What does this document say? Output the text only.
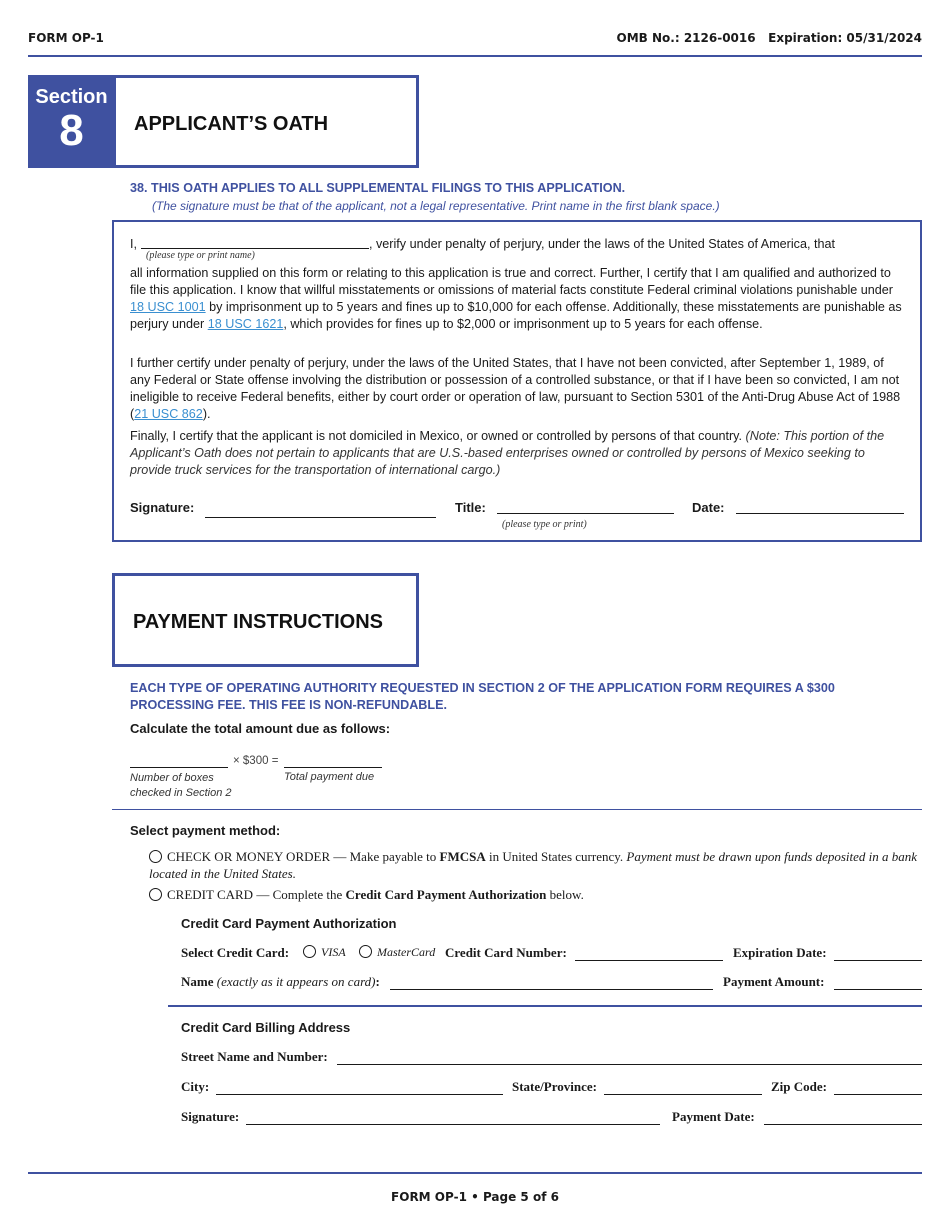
FORM OP-1	OMB No.: 2126-0016 Expiration: 05/31/2024
Section
8	APPLICANT’S OATH
38. THIS OATH APPLIES TO ALL SUPPLEMENTAL FILINGS TO THIS APPLICATION.
(The signature must be that of the applicant, not a legal representative. Print name in the first blank space.)
I,
(please type or print name)
, verify under penalty of perjury, under the laws of the United States of America, that
all information supplied on this form or relating to this application is true and correct. Further, I certify that I am qualified and authorized to file this application. I know that willful misstatements or omissions of material facts constitute Federal criminal violations punishable under 18 USC 1001 by imprisonment up to 5 years and fines up to $10,000 for each offense. Additionally, these misstatements are punishable as perjury under 18 USC 1621, which provides for fines up to $2,000 or imprisonment up to 5 years for each offense.
I further certify under penalty of perjury, under the laws of the United States, that I have not been convicted, after September 1, 1989, of any Federal or State offense involving the distribution or possession of a controlled substance, or that if I have been so convicted, I am not ineligible to receive Federal benefits, either by court order or operation of law, pursuant to Section 5301 of the Anti-Drug Abuse Act of 1988 (21 USC 862).
Finally, I certify that the applicant is not domiciled in Mexico, or owned or controlled by persons of that country. (Note: This portion of the Applicant’s Oath does not pertain to applicants that are U.S.-based enterprises owned or controlled by persons of Mexico seeking to provide truck services for the transportation of international cargo.)
Signature:	Title:
(please type or print)
Date:
PAYMENT INSTRUCTIONS
EACH TYPE OF OPERATING AUTHORITY REQUESTED IN SECTION 2 OF THE APPLICATION FORM REQUIRES A $300 PROCESSING FEE. THIS FEE IS NON-REFUNDABLE.
Calculate the total amount due as follows:
× $300 =
Number of boxes
checked in Section 2
Total payment due
Select payment method:
CHECK OR MONEY ORDER — Make payable to FMCSA in United States currency. Payment must be drawn upon funds deposited in a bank located in the United States.
CREDIT CARD — Complete the Credit Card Payment Authorization below.
Credit Card Payment Authorization
Select Credit Card:	VISA	MasterCard Credit Card Number:	Expiration Date:
Name (exactly as it appears on card):	Payment Amount:
Credit Card Billing Address
Street Name and Number:
City:	State/Province:	Zip Code:
Signature:	Payment Date:
FORM OP-1 • Page 5 of 6
